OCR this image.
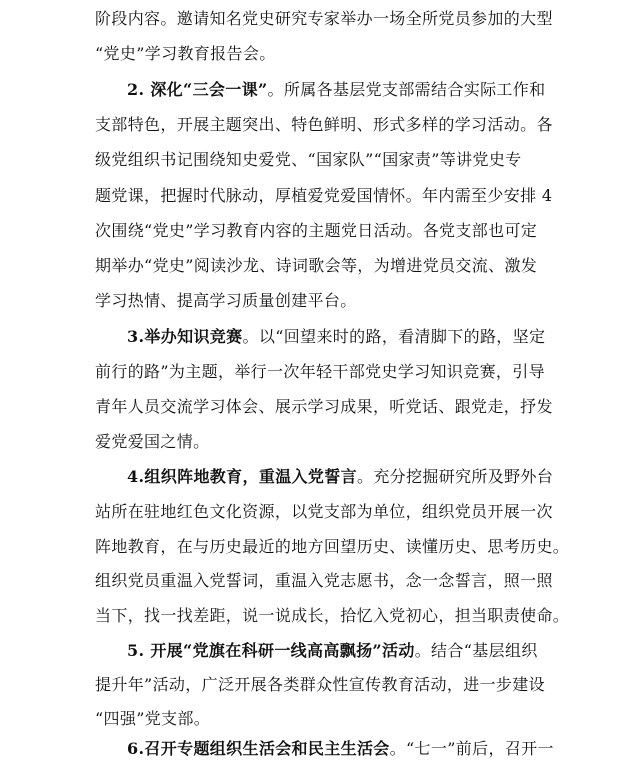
阶段内容。邀请知名党史研究专家举办一场全所党员参加的大型
“党史”学习教育报告会。
2. 深化“三会一课”。所属各基层党支部需结合实际工作和
支部特色，开展主题突出、特色鲜明、形式多样的学习活动。各
级党组织书记围绕知史爱党、“国家队”“国家责”等讲党史专
题党课，把握时代脉动，厚植爱党爱国情怀。年内需至少安排 4
次围绕“党史”学习教育内容的主题党日活动。各党支部也可定
期举办“党史”阅读沙龙、诗词歌会等，为增进党员交流、激发
学习热情、提高学习质量创建平台。
3.举办知识竞赛。以“回望来时的路，看清脚下的路，坚定
前行的路”为主题，举行一次年轻干部党史学习知识竞赛，引导
青年人员交流学习体会、展示学习成果，听党话、跟党走，抒发
爱党爱国之情。
4.组织阵地教育，重温入党誓言。充分挖掘研究所及野外台
站所在驻地红色文化资源，以党支部为单位，组织党员开展一次
阵地教育，在与历史最近的地方回望历史、读懂历史、思考历史。
组织党员重温入党誓词，重温入党志愿书，念一念誓言，照一照
当下，找一找差距，说一说成长，拾忆入党初心，担当职责使命。
5. 开展“党旗在科研一线高高飘扬”活动。结合“基层组织
提升年”活动，广泛开展各类群众性宣传教育活动，进一步建设
“四强”党支部。
6.召开专题组织生活会和民主生活会。“七一”前后，召开一
